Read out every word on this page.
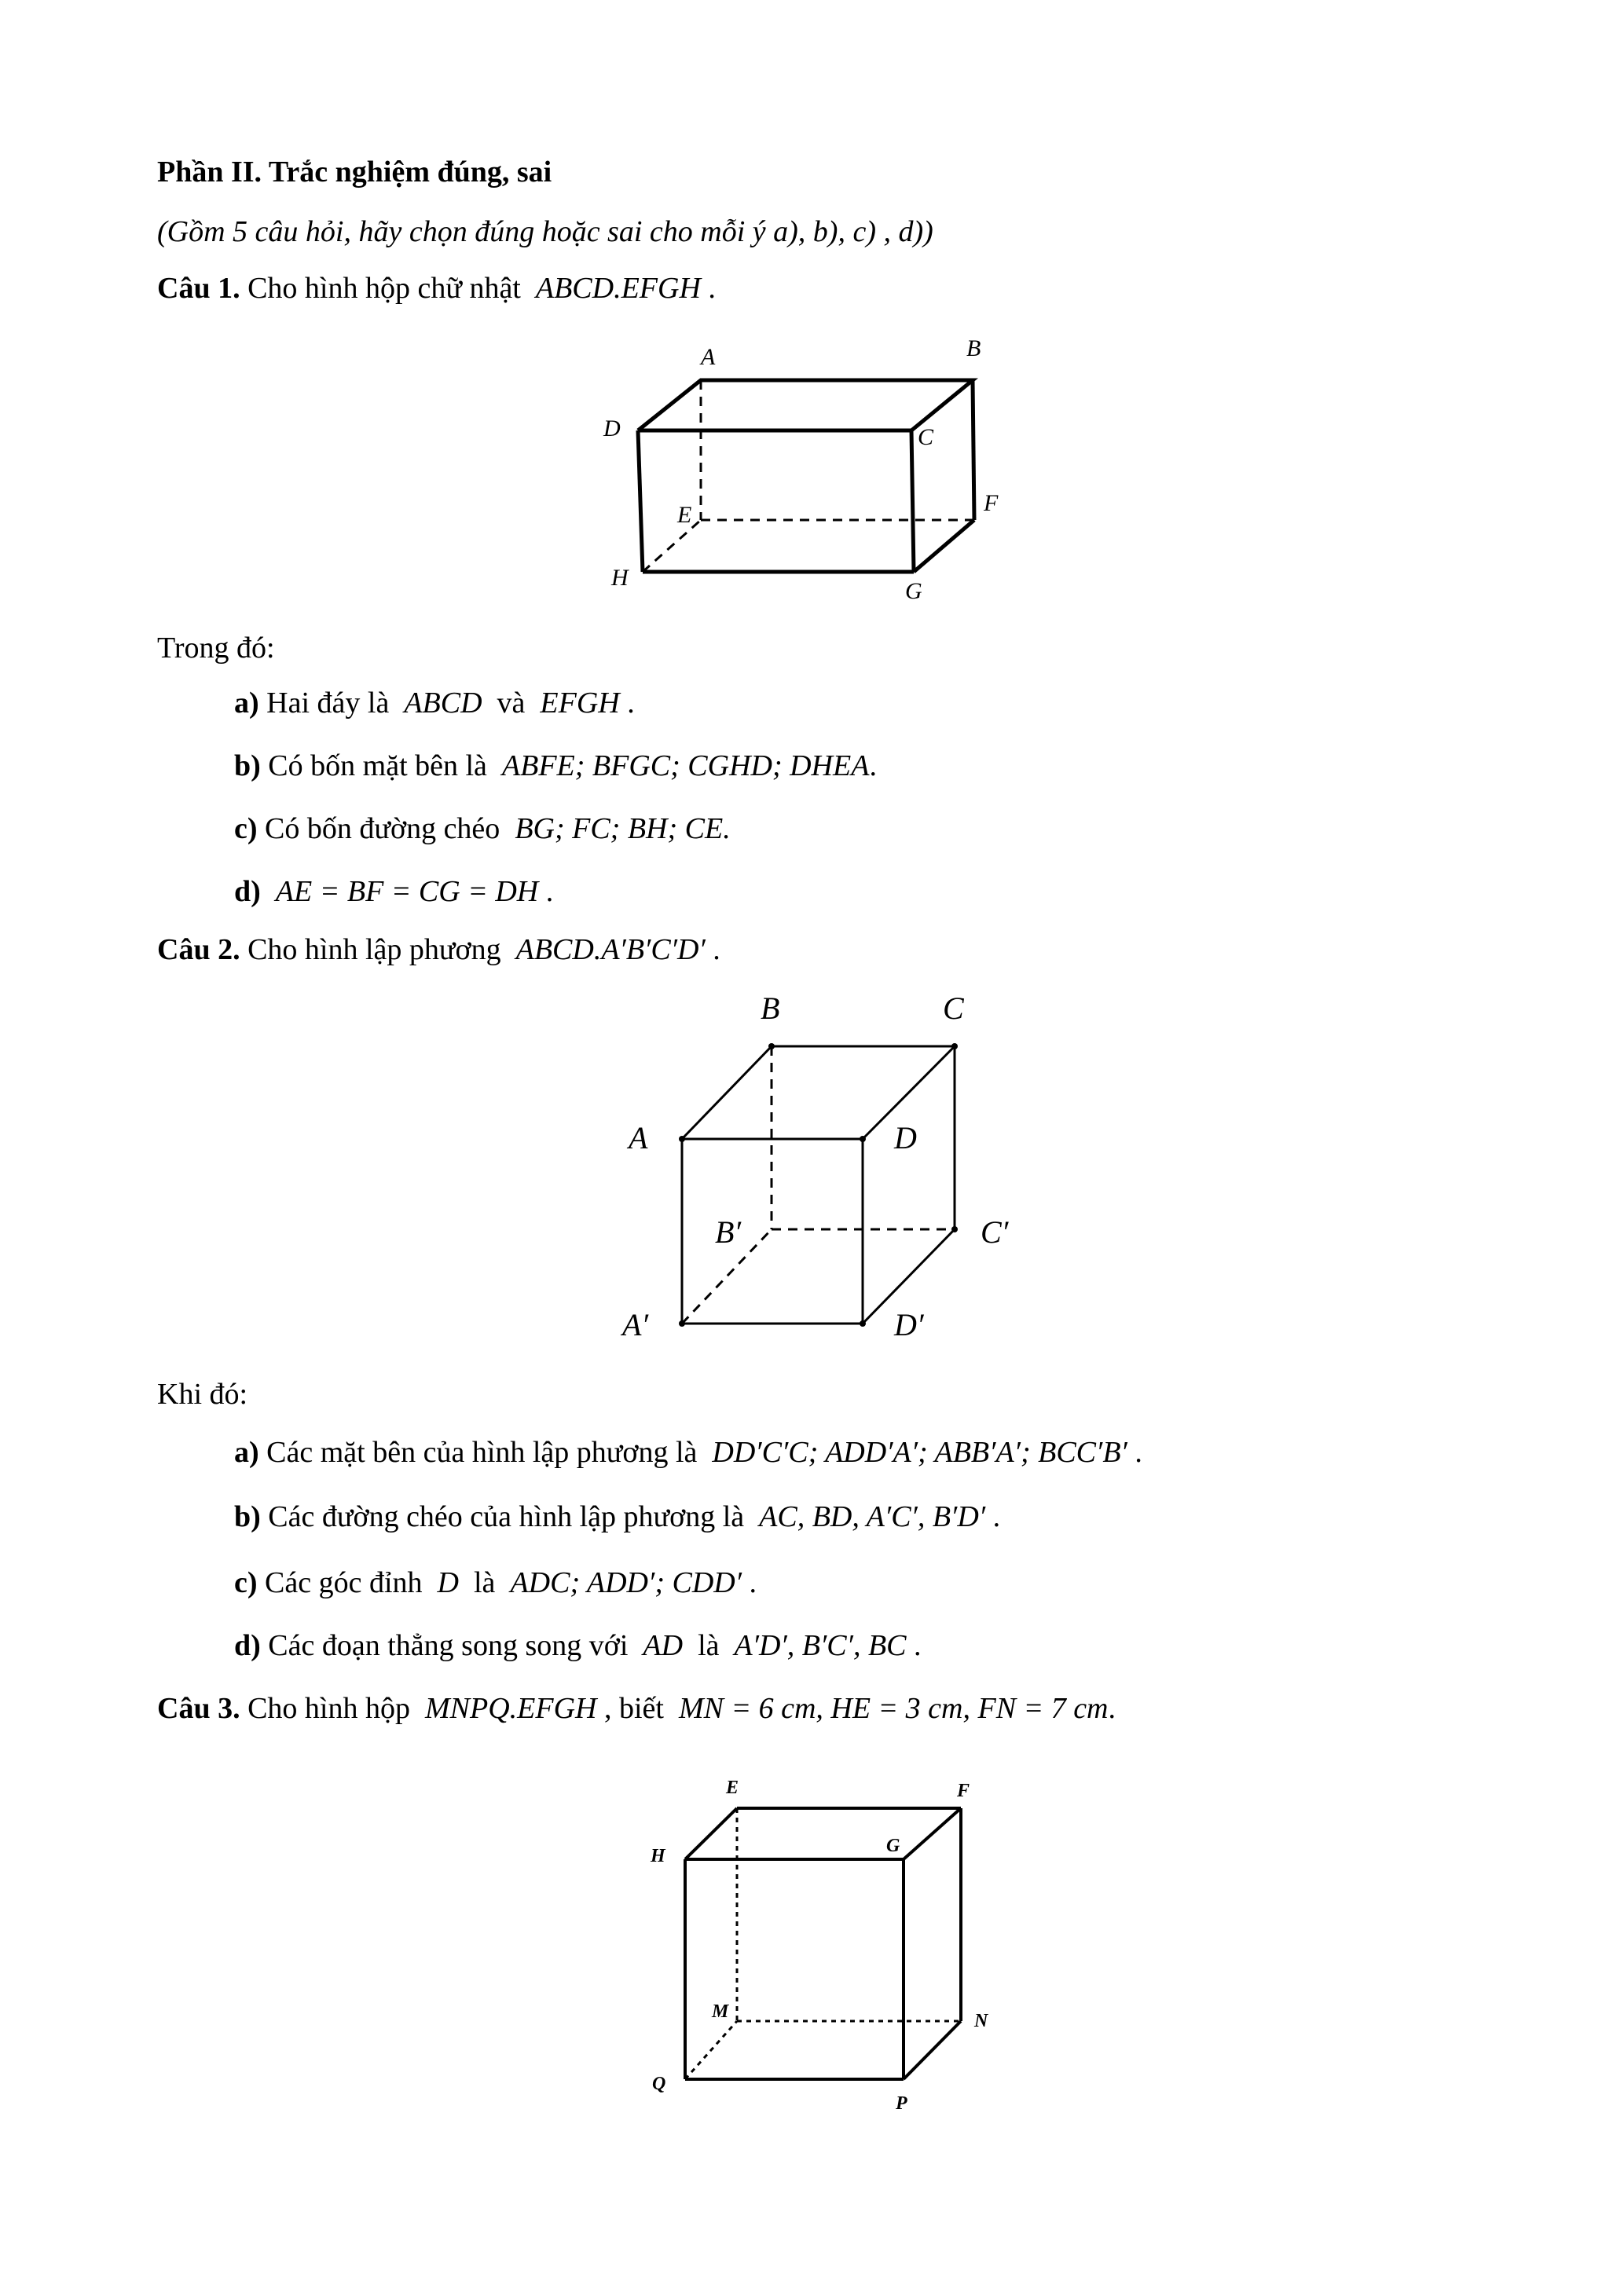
Phần II. Trắc nghiệm đúng, sai
(Gồm 5 câu hỏi, hãy chọn đúng hoặc sai cho mỗi ý a), b), c) , d))
Câu 1. Cho hình hộp chữ nhật ABCD.EFGH .
A	B
C
D
E	F
G
H
B	C
A	D
B′	C′
A′	D′
E	F
G
H
M	N
P
Q
Trong đó:
a) Hai đáy là ABCD và EFGH .
b) Có bốn mặt bên là ABFE; BFGC; CGHD; DHEA.
c) Có bốn đường chéo BG; FC; BH; CE.
d) AE = BF = CG = DH .
Câu 2. Cho hình lập phương ABCD.A′B′C′D′ .
Khi đó:
a) Các mặt bên của hình lập phương là DD′C′C; ADD′A′; ABB′A′; BCC′B′ .
b) Các đường chéo của hình lập phương là AC, BD, A′C′, B′D′ .
c) Các góc đỉnh D là ADC; ADD′; CDD′ .
d) Các đoạn thẳng song song với AD là A′D′, B′C′, BC .
Câu 3. Cho hình hộp MNPQ.EFGH , biết MN = 6 cm, HE = 3 cm, FN = 7 cm.
